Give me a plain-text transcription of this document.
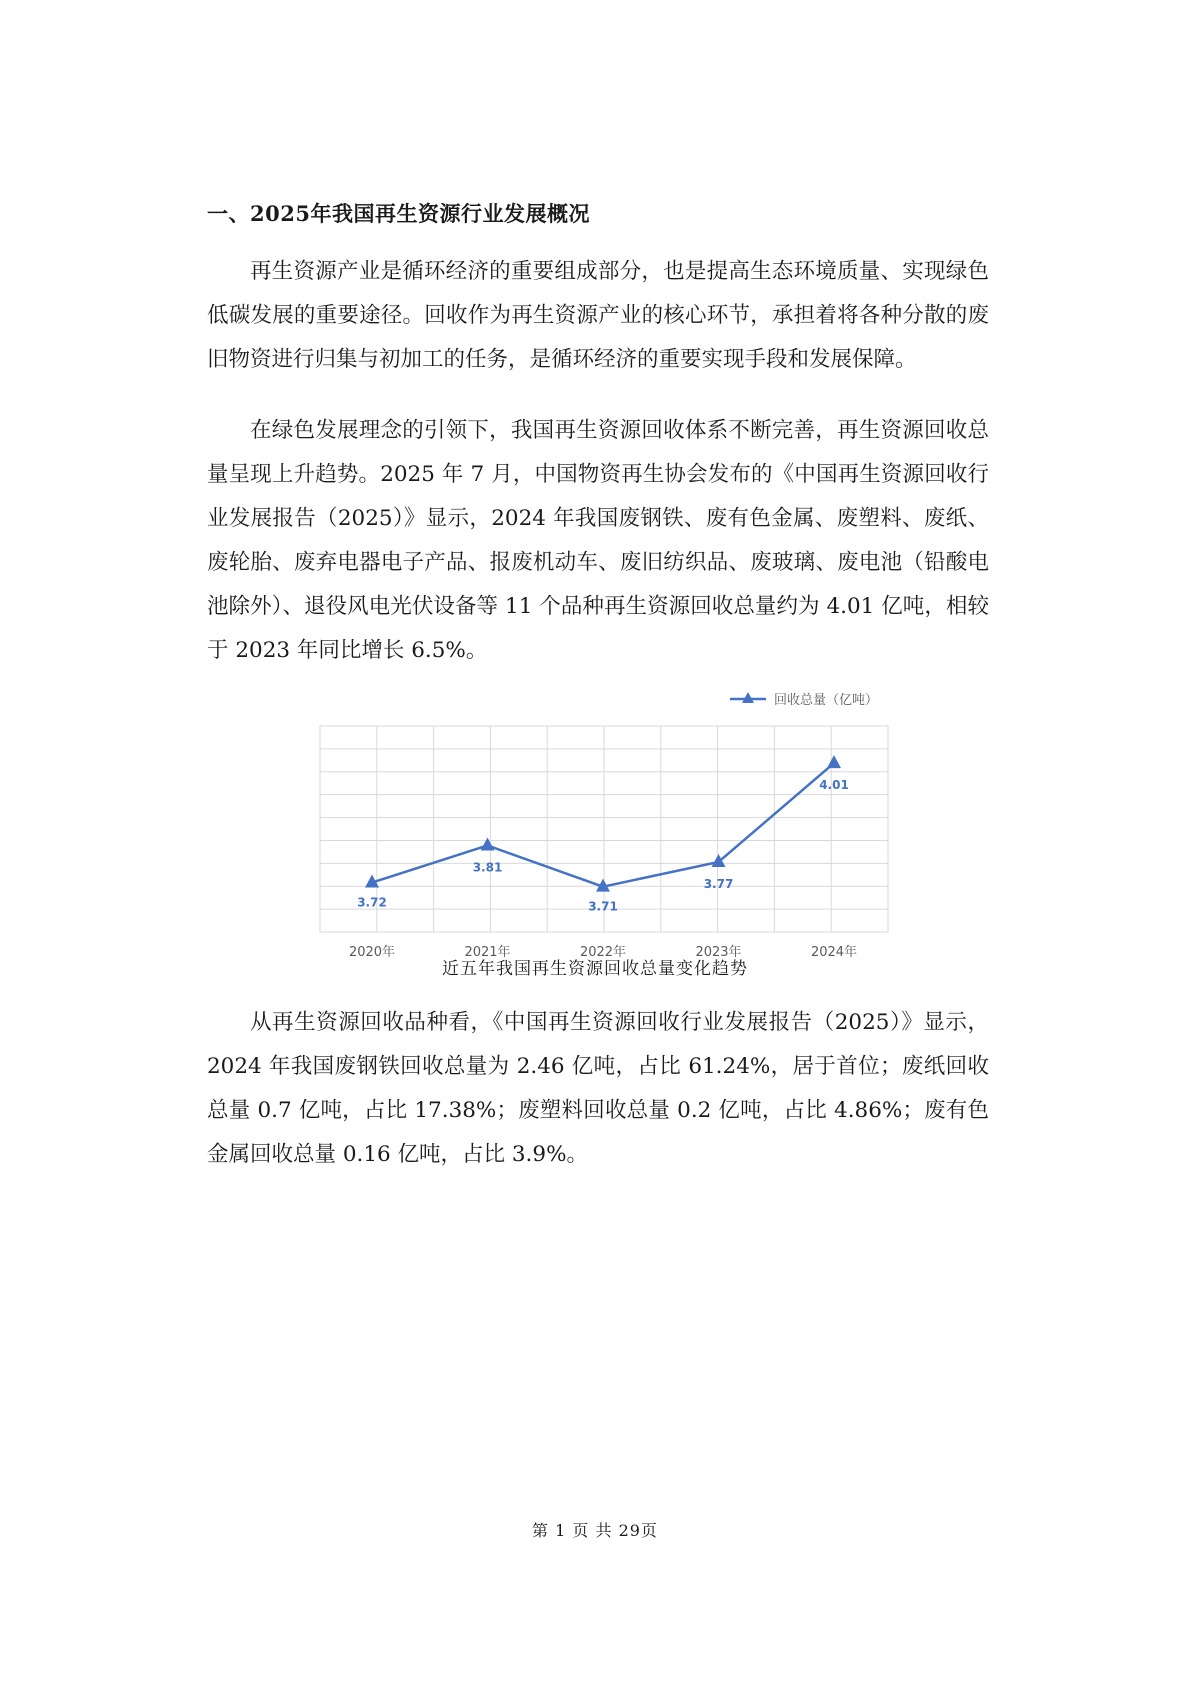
一、2025年我国再生资源行业发展概况
再生资源产业是循环经济的重要组成部分，也是提高生态环境质量、实现绿色低碳发展的重要途径。回收作为再生资源产业的核心环节，承担着将各种分散的废旧物资进行归集与初加工的任务，是循环经济的重要实现手段和发展保障。
在绿色发展理念的引领下，我国再生资源回收体系不断完善，再生资源回收总量呈现上升趋势。2025 年 7 月，中国物资再生协会发布的《中国再生资源回收行业发展报告（2025）》显示，2024 年我国废钢铁、废有色金属、废塑料、废纸、废轮胎、废弃电器电子产品、报废机动车、废旧纺织品、废玻璃、废电池（铅酸电池除外）、退役风电光伏设备等 11 个品种再生资源回收总量约为 4.01 亿吨，相较于 2023 年同比增长 6.5%。
3.72
3.81
3.71
3.77
4.01
2020年	2021年	2022年	2023年	2024年
回收总量（亿吨）
近五年我国再生资源回收总量变化趋势
从再生资源回收品种看，《中国再生资源回收行业发展报告（2025）》显示，2024 年我国废钢铁回收总量为 2.46 亿吨，占比 61.24%，居于首位；废纸回收总量 0.7 亿吨，占比 17.38%；废塑料回收总量 0.2 亿吨，占比 4.86%；废有色金属回收总量 0.16 亿吨，占比 3.9%。
第 1 页 共 29页
